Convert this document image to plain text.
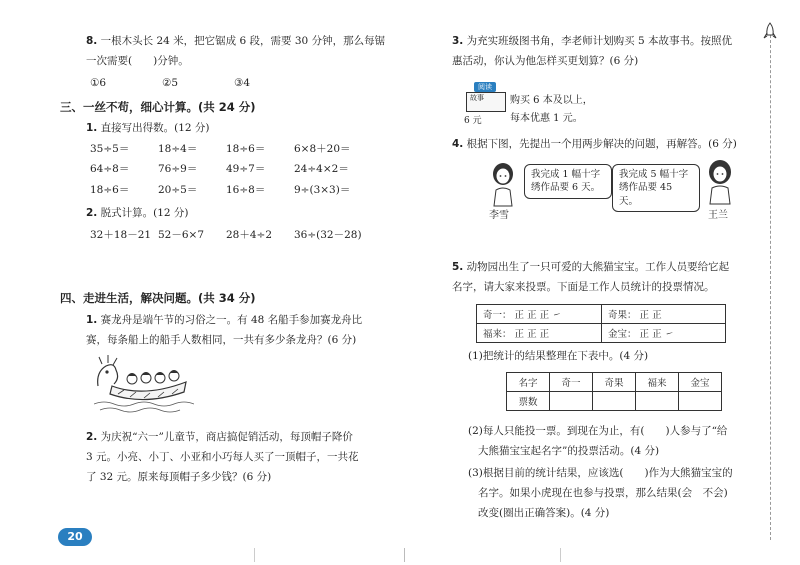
8. 一根木头长 24 米，把它锯成 6 段，需要 30 分钟，那么每锯
一次需要(　　)分钟。
①6	②5	③4
三、一丝不苟，细心计算。(共 24 分)
1. 直接写出得数。(12 分)
35÷5＝	18÷4＝	18÷6＝	6×8＋20＝
64÷8＝	76÷9＝	49÷7＝	24÷4×2＝
18÷6＝	20÷5＝	16÷8＝	9÷(3×3)＝
2. 脱式计算。(12 分)
32＋18－21 52－6×7	28＋4÷2	36÷(32－28)
四、走进生活，解决问题。(共 34 分)
1. 赛龙舟是端午节的习俗之一。有 48 名船手参加赛龙舟比
赛，每条船上的船手人数相同，一共有多少条龙舟？(6 分)
2. 为庆祝“六一”儿童节，商店搞促销活动，每顶帽子降价
3 元。小亮、小丁、小亚和小巧每人买了一顶帽子，一共花
了 32 元。原来每顶帽子多少钱？(6 分)
20
3. 为充实班级图书角，李老师计划购买 5 本故事书。按照优
惠活动，你认为他怎样买更划算？(6 分)
阅读
故事
6 元
购买 6 本及以上，
每本优惠 1 元。
4. 根据下图，先提出一个用两步解决的问题，再解答。(6 分)
李雪
我完成 1 幅十字
绣作品要 6 天。
我完成 5 幅十字
绣作品要 45 天。
王兰
5. 动物园出生了一只可爱的大熊猫宝宝。工作人员要给它起
名字，请大家来投票。下面是工作人员统计的投票情况。
奇一： 正 正 正 ㇀	奇果： 正 正
福来： 正 正 正	金宝： 正 正 ㇀
(1)把统计的结果整理在下表中。(4 分)
名字	奇一	奇果	福来	金宝
票数				
(2)每人只能投一票。到现在为止，有(　　)人参与了“给
大熊猫宝宝起名字”的投票活动。(4 分)
(3)根据目前的统计结果，应该选(　　)作为大熊猫宝宝的
名字。如果小虎现在也参与投票，那么结果(会　不会)
改变(圈出正确答案)。(4 分)
